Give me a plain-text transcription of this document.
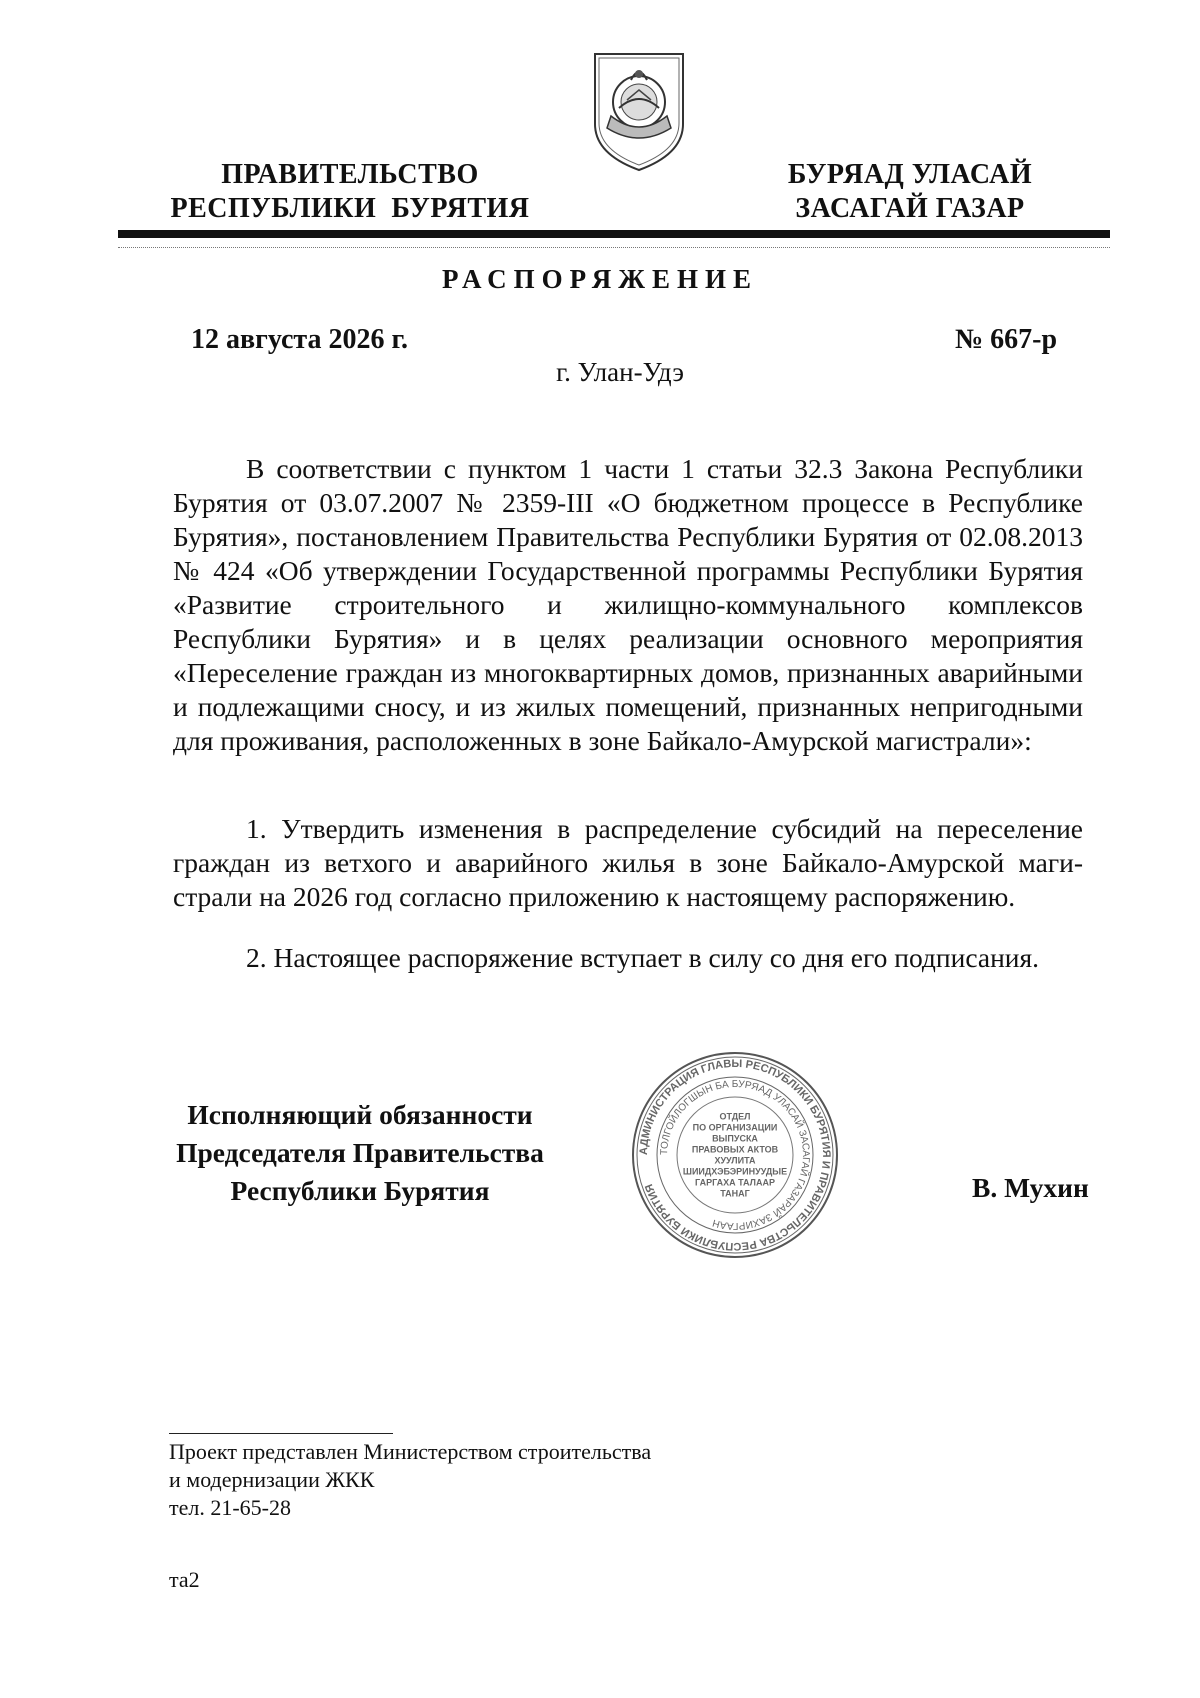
ПРАВИТЕЛЬСТВО
РЕСПУБЛИКИ  БУРЯТИЯ
БУРЯАД УЛАСАЙ
ЗАСАГАЙ ГАЗАР
РАСПОРЯЖЕНИЕ
12 августа 2026 г.	№ 667-р
г. Улан-Удэ
В соответствии с пунктом 1 части 1 статьи 32.3 Закона Республики Бурятия от 03.07.2007 № 2359-III «О бюджетном процессе в Республике Бурятия», постановлением Правительства Республики Бурятия от 02.08.2013 № 424 «Об утверждении Государственной программы Республики Бурятия «Развитие строительного и жилищно-коммунального комплексов Республики Бурятия» и в целях реализации основного мероприятия «Переселение граждан из многоквартирных домов, признанных аварийными и подлежащими сносу, и из жилых помещений, признанных непригодными для проживания, расположенных в зоне Байкало-Амурской магистрали»:
1. Утвердить изменения в распределение субсидий на переселение граждан из ветхого и аварийного жилья в зоне Байкало-Амурской магистрали на 2026 год согласно приложению к настоящему распоряжению.
2. Настоящее распоряжение вступает в силу со дня его подписания.
Исполняющий обязанности
Председателя Правительства
Республики Бурятия
АДМИНИСТРАЦИЯ ГЛАВЫ РЕСПУБЛИКИ БУРЯТИЯ И ПРАВИТЕЛЬСТВА РЕСПУБЛИКИ БУРЯТИЯ
ТОЛГОЙЛОГШЫН БА БУРЯАД УЛАСАЙ ЗАСАГАЙ ГАЗАРАЙ ЗАХИРГААН
ОТДЕЛ
ПО ОРГАНИЗАЦИИ
ВЫПУСКА
ПРАВОВЫХ АКТОВ
ХУУЛИТА
ШИИДХЭБЭРИНУУДЫЕ
ГАРГАХА ТАЛААР
ТАНАГ	В. Мухин
Проект представлен Министерством строительства
и модернизации ЖКК
тел. 21-65-28
та2
